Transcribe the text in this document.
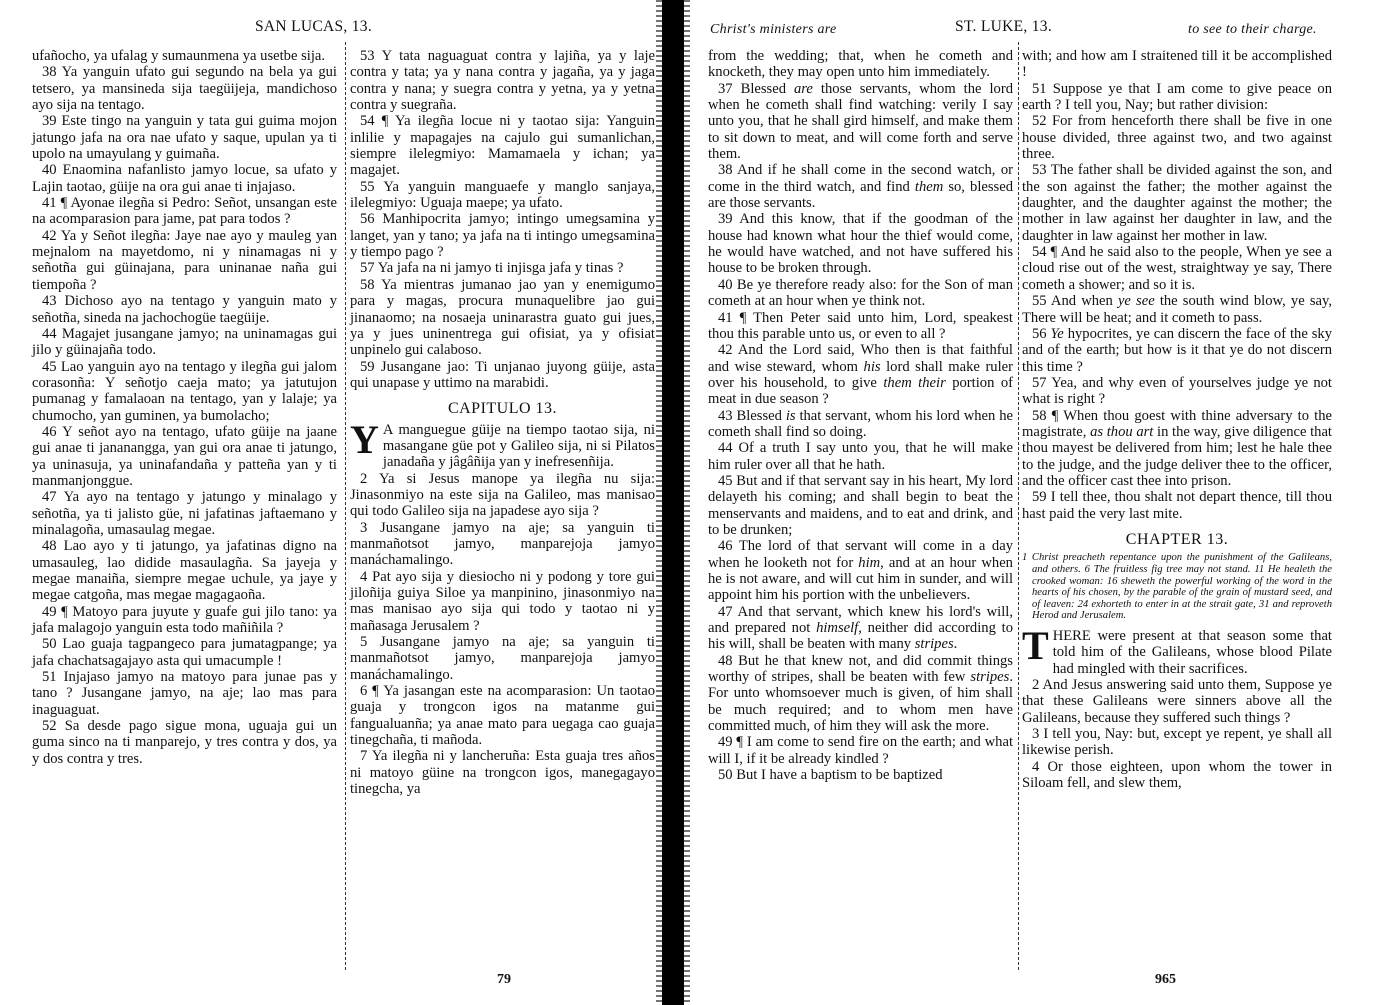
SAN LUCAS, 13.

ufañocho, ya ufalag y sumaunmena ya usetbe sija.

38 Ya yanguin ufato gui segundo na bela ya gui tetsero, ya mansineda sija taegüijeja, mandichoso ayo sija na tentago.

39 Este tingo na yanguin y tata gui guima mojon jatungo jafa na ora nae ufato y saque, upulan ya ti upolo na umayulang y guimaña.

40 Enaomina nafanlisto jamyo locue, sa ufato y Lajin taotao, güije na ora gui anae ti injajaso.

41 ¶ Ayonae ilegña si Pedro: Señot, unsangan este na acomparasion para jame, pat para todos ?

42 Ya y Señot ilegña: Jaye nae ayo y mauleg yan mejnalom na mayetdomo, ni y ninamagas ni y señotña gui güinajana, para uninanae naña gui tiempoña ?

43 Dichoso ayo na tentago y yanguin mato y señotña, sineda na jachochogüe taegüije.

44 Magajet jusangane jamyo; na uninamagas gui jilo y güinajaña todo.

45 Lao yanguin ayo na tentago y ilegña gui jalom corasonña: Y señotjo caeja mato; ya jatutujon pumanag y famalaoan na tentago, yan y lalaje; ya chumocho, yan guminen, ya bumolacho;

46 Y señot ayo na tentago, ufato güije na jaane gui anae ti jananangga, yan gui ora anae ti jatungo, ya uninasuja, ya uninafandaña y patteña yan y ti manmanjonggue.

47 Ya ayo na tentago y jatungo y minalago y señotña, ya ti jalisto güe, ni jafatinas jaftaemano y minalagoña, umasaulag megae.

48 Lao ayo y ti jatungo, ya jafatinas digno na umasauleg, lao didide masaulagña. Sa jayeja y megae manaiña, siempre megae uchule, ya jaye y megae catgoña, mas megae magagaoña.

49 ¶ Matoyo para juyute y guafe gui jilo tano: ya jafa malagojo yanguin esta todo mañiñila ?

50 Lao guaja tagpangeco para jumatagpange; ya jafa chachatsagajayo asta qui umacumple !

51 Injajaso jamyo na matoyo para junae pas y tano ? Jusangane jamyo, na aje; lao mas para inaguaguat.

52 Sa desde pago sigue mona, uguaja gui un guma sinco na ti manparejo, y tres contra y dos, ya y dos contra y tres.

53 Y tata naguaguat contra y lajiña, ya y laje contra y tata; ya y nana contra y jagaña, ya y jaga contra y nana; y suegra contra y yetna, ya y yetna contra y suegraña.

54 ¶ Ya ilegña locue ni y taotao sija: Yanguin inlilie y mapagajes na cajulo gui sumanlichan, siempre ilelegmiyo: Mamamaela y ichan; ya magajet.

55 Ya yanguin manguaefe y manglo sanjaya, ilelegmiyo: Uguaja maepe; ya ufato.

56 Manhipocrita jamyo; intingo umegsamina y langet, yan y tano; ya jafa na ti intingo umegsamina y tiempo pago ?

57 Ya jafa na ni jamyo ti injisga jafa y tinas ?

58 Ya mientras jumanao jao yan y enemigumo para y magas, procura munaquelibre jao gui jinanaomo; na nosaeja uninarastra guato gui jues, ya y jues uninentrega gui ofisiat, ya y ofisiat unpinelo gui calaboso.

59 Jusangane jao: Ti unjanao juyong güije, asta qui unapase y uttimo na marabidi.

CAPITULO 13.

Y A manguegue güije na tiempo taotao sija, ni masangane güe pot y Galileo sija, ni si Pilatos janadaña y jâgâñija yan y inefresenñija.

2 Ya si Jesus manope ya ilegña nu sija: Jinasonmiyo na este sija na Galileo, mas manisao qui todo Galileo sija na japadese ayo sija ?

3 Jusangane jamyo na aje; sa yanguin ti manmañotsot jamyo, manparejoja jamyo manáchamalingo.

4 Pat ayo sija y diesiocho ni y podong y tore gui jiloñija guiya Siloe ya manpinino, jinasonmiyo na mas manisao ayo sija qui todo y taotao ni y mañasaga Jerusalem ?

5 Jusangane jamyo na aje; sa yanguin ti manmañotsot jamyo, manparejoja jamyo manáchamalingo.

6 ¶ Ya jasangan este na acomparasion: Un taotao guaja y trongcon igos na matanme gui fangualuanña; ya anae mato para uegaga cao guaja tinegchaña, ti mañoda.

7 Ya ilegña ni y lancheruña: Esta guaja tres años ni matoyo güine na trongcon igos, manegagayo tinegcha, ya

79
Christ's ministers are	ST. LUKE, 13.	to see to their charge.

from the wedding; that, when he cometh and knocketh, they may open unto him immediately.

37 Blessed are those servants, whom the lord when he cometh shall find watching: verily I say unto you, that he shall gird himself, and make them to sit down to meat, and will come forth and serve them.

38 And if he shall come in the second watch, or come in the third watch, and find them so, blessed are those servants.

39 And this know, that if the goodman of the house had known what hour the thief would come, he would have watched, and not have suffered his house to be broken through.

40 Be ye therefore ready also: for the Son of man cometh at an hour when ye think not.

41 ¶ Then Peter said unto him, Lord, speakest thou this parable unto us, or even to all ?

42 And the Lord said, Who then is that faithful and wise steward, whom his lord shall make ruler over his household, to give them their portion of meat in due season ?

43 Blessed is that servant, whom his lord when he cometh shall find so doing.

44 Of a truth I say unto you, that he will make him ruler over all that he hath.

45 But and if that servant say in his heart, My lord delayeth his coming; and shall begin to beat the menservants and maidens, and to eat and drink, and to be drunken;

46 The lord of that servant will come in a day when he looketh not for him, and at an hour when he is not aware, and will cut him in sunder, and will appoint him his portion with the unbelievers.

47 And that servant, which knew his lord's will, and prepared not himself, neither did according to his will, shall be beaten with many stripes.

48 But he that knew not, and did commit things worthy of stripes, shall be beaten with few stripes. For unto whomsoever much is given, of him shall be much required; and to whom men have committed much, of him they will ask the more.

49 ¶ I am come to send fire on the earth; and what will I, if it be already kindled ?

50 But I have a baptism to be baptized

with; and how am I straitened till it be accomplished !

51 Suppose ye that I am come to give peace on earth ? I tell you, Nay; but rather division:

52 For from henceforth there shall be five in one house divided, three against two, and two against three.

53 The father shall be divided against the son, and the son against the father; the mother against the daughter, and the daughter against the mother; the mother in law against her daughter in law, and the daughter in law against her mother in law.

54 ¶ And he said also to the people, When ye see a cloud rise out of the west, straightway ye say, There cometh a shower; and so it is.

55 And when ye see the south wind blow, ye say, There will be heat; and it cometh to pass.

56 Ye hypocrites, ye can discern the face of the sky and of the earth; but how is it that ye do not discern this time ?

57 Yea, and why even of yourselves judge ye not what is right ?

58 ¶ When thou goest with thine adversary to the magistrate, as thou art in the way, give diligence that thou mayest be delivered from him; lest he hale thee to the judge, and the judge deliver thee to the officer, and the officer cast thee into prison.

59 I tell thee, thou shalt not depart thence, till thou hast paid the very last mite.

CHAPTER 13.
1 Christ preacheth repentance upon the punishment of the Galileans, and others. 6 The fruitless fig tree may not stand. 11 He healeth the crooked woman: 16 sheweth the powerful working of the word in the hearts of his chosen, by the parable of the grain of mustard seed, and of leaven: 24 exhorteth to enter in at the strait gate, 31 and reproveth Herod and Jerusalem.

THERE were present at that season some that told him of the Galileans, whose blood Pilate had mingled with their sacrifices.

2 And Jesus answering said unto them, Suppose ye that these Galileans were sinners above all the Galileans, because they suffered such things ?

3 I tell you, Nay: but, except ye repent, ye shall all likewise perish.

4 Or those eighteen, upon whom the tower in Siloam fell, and slew them,

965
